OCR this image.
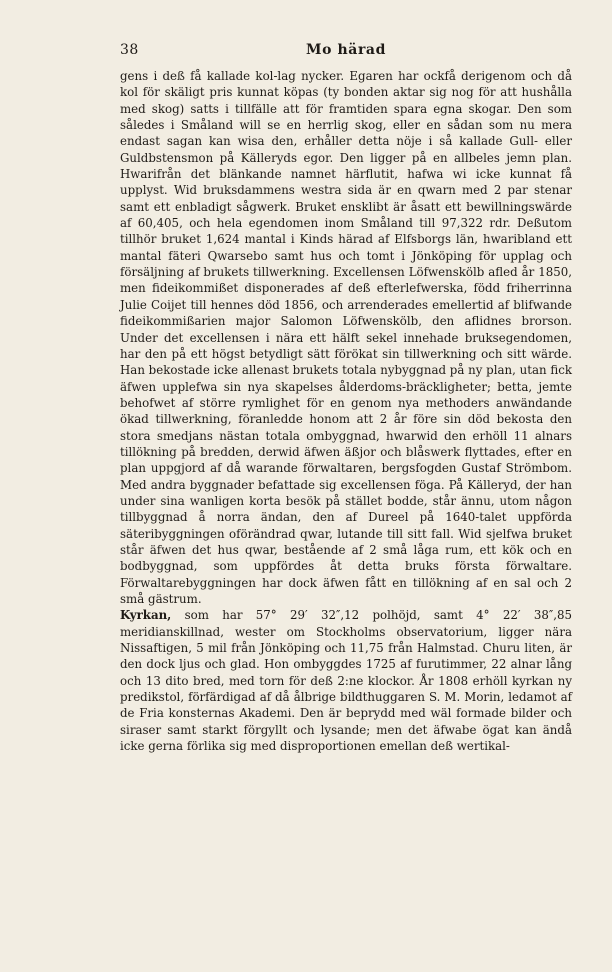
38	Mo härad

gens i deß få kallade kol-lag nycker. Egaren har ockfå derigenom och då kol för skäligt pris kunnat köpas (ty bonden aktar sig nog för att hushålla med skog) satts i tillfälle att för framtiden spara egna skogar. Den som således i Småland will se en herrlig skog, eller en sådan som nu mera endast sagan kan wisa den, erhåller detta nöje i så kallade Gull- eller Guldbstensmon på Källeryds egor. Den ligger på en allbeles jemn plan. Hwarifrån det blänkande namnet härflutit, hafwa wi icke kunnat få upplyst. Wid bruksdammens westra sida är en qwarn med 2 par stenar samt ett enbladigt sågwerk. Bruket ensklibt är åsatt ett bewillningswärde af 60,405, och hela egendomen inom Småland till 97,322 rdr. Deßutom tillhör bruket 1,624 mantal i Kinds härad af Elfsborgs län, hwaribland ett mantal fäteri Qwarsebo samt hus och tomt i Jönköping för upplag och försäljning af brukets tillwerkning. Excellensen Löfwenskölb afled år 1850, men fideikommißet disponerades af deß efterlefwerska, född friherrinna Julie Coijet till hennes död 1856, och arrenderades emellertid af blifwande fideikommißarien major Salomon Löfwenskölb, den aflidnes brorson. Under det excellensen i nära ett hälft sekel innehade bruksegendomen, har den på ett högst betydligt sätt förökat sin tillwerkning och sitt wärde. Han bekostade icke allenast brukets totala nybyggnad på ny plan, utan fick äfwen upplefwa sin nya skapelses ålderdoms-bräckligheter; betta, jemte behofwet af större rymlighet för en genom nya methoders anwändande ökad tillwerkning, föranledde honom att 2 år före sin död bekosta den stora smedjans nästan totala ombyggnad, hwarwid den erhöll 11 alnars tillökning på bredden, derwid äfwen äßjor och blåswerk flyttades, efter en plan uppgjord af då warande förwaltaren, bergsfogden Gustaf Strömbom. Med andra byggnader befattade sig excellensen föga. På Källeryd, der han under sina wanligen korta besök på stället bodde, står ännu, utom någon tillbyggnad å norra ändan, den af Dureel på 1640-talet uppförda säteribyggningen oförändrad qwar, lutande till sitt fall. Wid sjelfwa bruket står äfwen det hus qwar, bestående af 2 små låga rum, ett kök och en bodbyggnad, som uppfördes åt detta bruks första förwaltare. Förwaltarebyggningen har dock äfwen fått en tillökning af en sal och 2 små gästrum.

Kyrkan, som har 57° 29′ 32″,12 polhöjd, samt 4° 22′ 38″,85 meridianskillnad, wester om Stockholms observatorium, ligger nära Nissaftigen, 5 mil från Jönköping och 11,75 från Halmstad. Churu liten, är den dock ljus och glad. Hon ombyggdes 1725 af furutimmer, 22 alnar lång och 13 dito bred, med torn för deß 2:ne klockor. År 1808 erhöll kyrkan ny predikstol, förfärdigad af då ålbrige bildthuggaren S. M. Morin, ledamot af de Fria konsternas Akademi. Den är beprydd med wäl formade bilder och siraser samt starkt förgyllt och lysande; men det äfwabe ögat kan ändå icke gerna förlika sig med disproportionen emellan deß wertikal-
